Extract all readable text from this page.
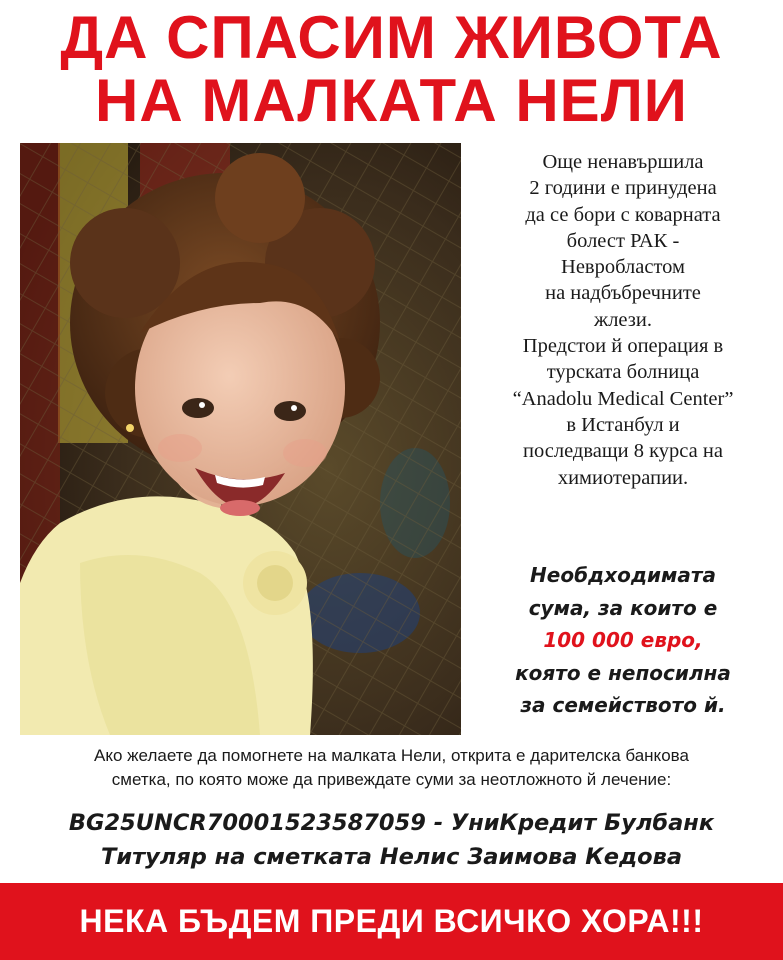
ДА СПАСИМ ЖИВОТА
НА МАЛКАТА НЕЛИ
Още ненавършила
2 години е принудена
да се бори с коварната
болест РАК -
Невробластом
на надбъбречните
жлези.
Предстои й операция в
турската болница
“Anadolu Medical Center”
в Истанбул и
последващи 8 курса на
химиотерапии.
Необдходимата
сума, за които е
100 000 евро,
която е непосилна
за семейството й.
Ако желаете да помогнете на малката Нели, открита е дарителска банкова
сметка, по която може да привеждате суми за неотложното й лечение:
BG25UNCR70001523587059 - УниКредит Булбанк
Титуляр на сметката Нелис Заимова Кедова
НЕКА БЪДЕМ ПРЕДИ ВСИЧКО ХОРА!!!
